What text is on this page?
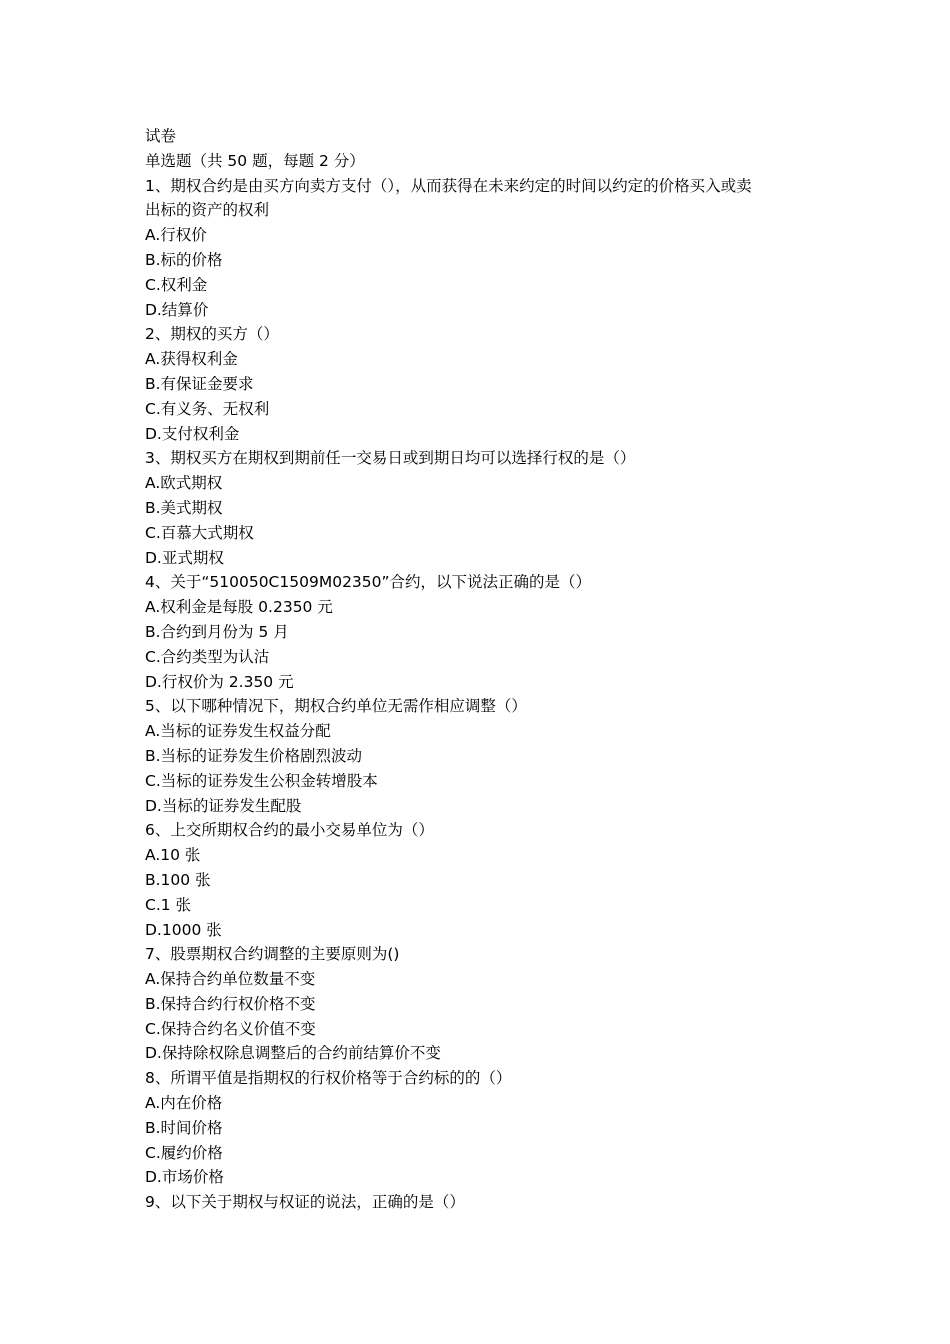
试卷
单选题（共 50 题，每题 2 分）
1、期权合约是由买方向卖方支付（），从而获得在未来约定的时间以约定的价格买入或卖
出标的资产的权利
A.行权价
B.标的价格
C.权利金
D.结算价
2、期权的买方（）
A.获得权利金
B.有保证金要求
C.有义务、无权利
D.支付权利金
3、期权买方在期权到期前任一交易日或到期日均可以选择行权的是（）
A.欧式期权
B.美式期权
C.百慕大式期权
D.亚式期权
4、关于“510050C1509M02350”合约，以下说法正确的是（）
A.权利金是每股 0.2350 元
B.合约到月份为 5 月
C.合约类型为认沽
D.行权价为 2.350 元
5、以下哪种情况下，期权合约单位无需作相应调整（）
A.当标的证券发生权益分配
B.当标的证券发生价格剧烈波动
C.当标的证券发生公积金转增股本
D.当标的证券发生配股
6、上交所期权合约的最小交易单位为（）
A.10 张
B.100 张
C.1 张
D.1000 张
7、股票期权合约调整的主要原则为()
A.保持合约单位数量不变
B.保持合约行权价格不变
C.保持合约名义价值不变
D.保持除权除息调整后的合约前结算价不变
8、所谓平值是指期权的行权价格等于合约标的的（）
A.内在价格
B.时间价格
C.履约价格
D.市场价格
9、以下关于期权与权证的说法，正确的是（）
